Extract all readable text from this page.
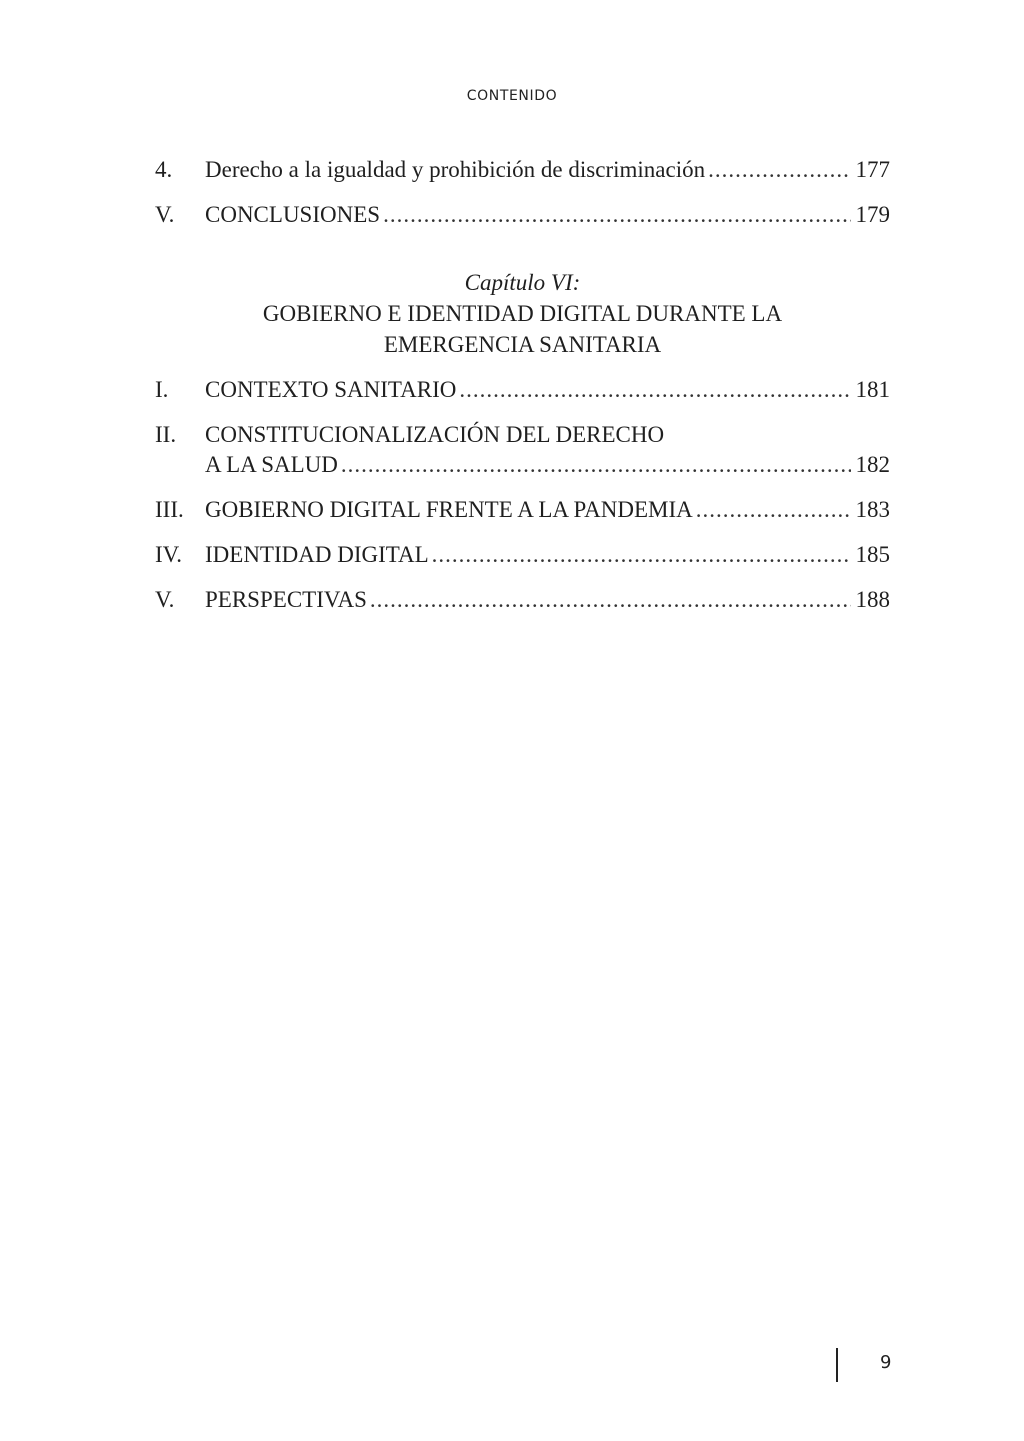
CONTENIDO
4.	Derecho a la igualdad y prohibición de discriminación .....	177
V.	CONCLUSIONES .....	179
Capítulo VI:
GOBIERNO E IDENTIDAD DIGITAL DURANTE LA
EMERGENCIA SANITARIA
I.	CONTEXTO SANITARIO .....	181
II.	CONSTITUCIONALIZACIÓN DEL DERECHO
A LA SALUD .....	182
III. GOBIERNO DIGITAL FRENTE A LA PANDEMIA .....	183
IV. IDENTIDAD DIGITAL .....	185
V.	PERSPECTIVAS .....	188
9
